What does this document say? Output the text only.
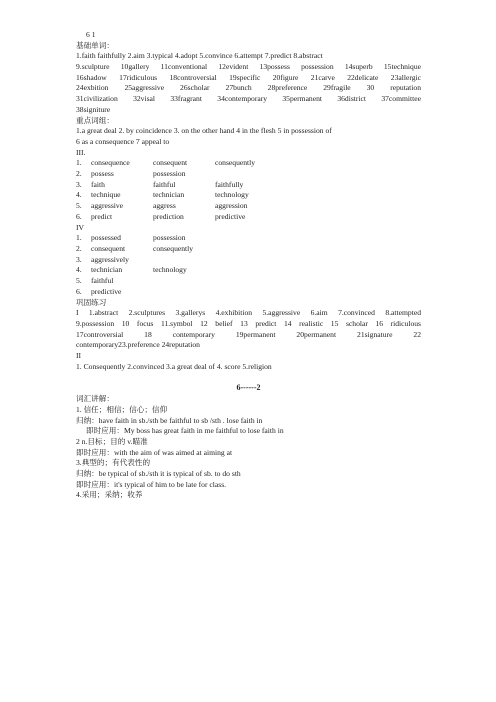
6 1
基础单词：
1.faith faithfully 2.aim 3.typical 4.adopt 5.convince 6.attempt 7.predict 8.abstract
9.sculpture 10gallery 11conventional 12evident 13possess possession 14superb 15technique
16shadow 17ridiculous 18controversial 19specific 20figure 21carve 22delicate 23allergic
24exbition 25aggressive 26scholar 27bunch 28preference 29fragile 30 reputation
31civilization 32visal 33fragrant 34contemporary 35permanent 36district 37committee
38signiture
重点词组：
1.a great deal 2. by coincidence 3. on the other hand 4 in the flesh 5 in possession of
6 as a consequence 7 appeal to
III.
1.	consequence	consequent	consequently
2.	possess	possession
3.	faith	faithful	faithfully
4.	technique	technician	technology
5.	aggressive	aggress	aggression
6.	predict	prediction	predictive
IV
1.	possessed	possession
2.	consequent	consequently
3.	aggressively
4.	technician	technology
5.	faithful
6.	predictive
巩固练习
I 1.abstract 2.sculptures 3.gallerys 4.exhibition 5.aggressive 6.aim 7.convinced 8.attempted
9.possession 10 focus 11.symbol 12 belief 13 predict 14 realistic 15 scholar 16 ridiculous
17controversial 18 contemporary 19permanent 20permanent 21signature 22
contemporary23.preference 24reputation
II
1. Consequently 2.convinced 3.a great deal of 4. score 5.religion
6------2
词汇讲解：
1. 信任；相信；信心；信仰
归纳：have faith in sb./sth be faithful to sb /sth . lose faith in
即时应用：My boss has great faith in me faithful to lose faith in
2 n.目标；目的 v.瞄准
即时应用：with the aim of was aimed at aiming at
3.典型的；有代表性的
归纳：be typical of sb./sth it is typical of sb. to do sth
即时应用：it's typical of him to be late for class.
4.采用；采纳；收养
